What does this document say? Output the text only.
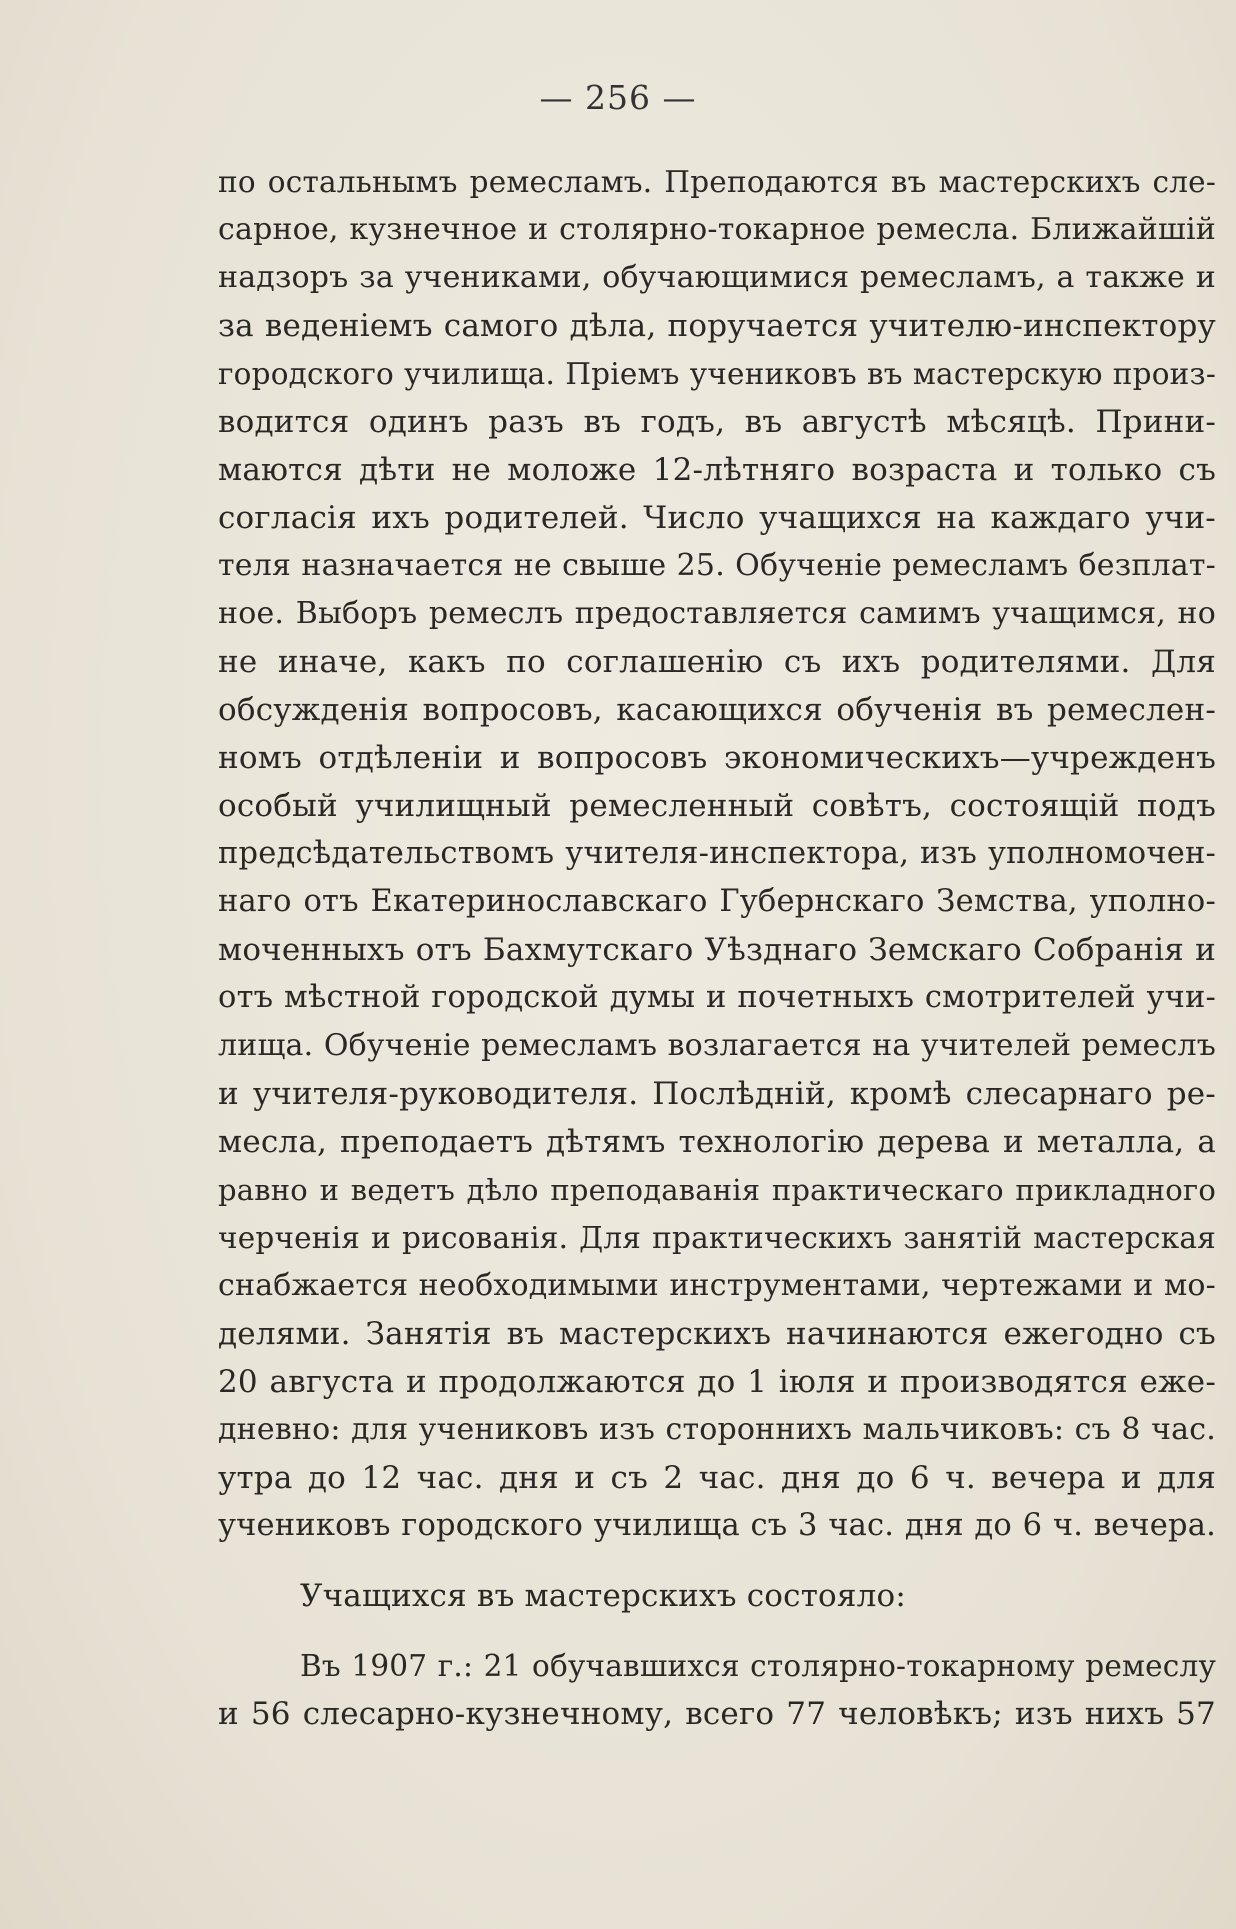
— 256 —
по остальнымъ ремесламъ. Преподаются въ мастерскихъ сле-
сарное, кузнечное и столярно-токарное ремесла. Ближайшій
надзоръ за учениками, обучающимися ремесламъ, а также и
за веденіемъ самого дѣла, поручается учителю-инспектору
городского училища. Пріемъ учениковъ въ мастерскую произ-
водится одинъ разъ въ годъ, въ августѣ мѣсяцѣ. Прини-
маются дѣти не моложе 12-лѣтняго возраста и только съ
согласія ихъ родителей. Число учащихся на каждаго учи-
теля назначается не свыше 25. Обученіе ремесламъ безплат-
ное. Выборъ ремеслъ предоставляется самимъ учащимся, но
не иначе, какъ по соглашенію съ ихъ родителями. Для
обсужденія вопросовъ, касающихся обученія въ ремеслен-
номъ отдѣленіи и вопросовъ экономическихъ—учрежденъ
особый училищный ремесленный совѣтъ, состоящій подъ
предсѣдательствомъ учителя-инспектора, изъ уполномочен-
наго отъ Екатеринославскаго Губернскаго Земства, уполно-
моченныхъ отъ Бахмутскаго Уѣзднаго Земскаго Собранія и
отъ мѣстной городской думы и почетныхъ смотрителей учи-
лища. Обученіе ремесламъ возлагается на учителей ремеслъ
и учителя-руководителя. Послѣдній, кромѣ слесарнаго ре-
месла, преподаетъ дѣтямъ технологію дерева и металла, а
равно и ведетъ дѣло преподаванія практическаго прикладного
черченія и рисованія. Для практическихъ занятій мастерская
снабжается необходимыми инструментами, чертежами и мо-
делями. Занятія въ мастерскихъ начинаются ежегодно съ
20 августа и продолжаются до 1 іюля и производятся еже-
дневно: для учениковъ изъ стороннихъ мальчиковъ: съ 8 час.
утра до 12 час. дня и съ 2 час. дня до 6 ч. вечера и для
учениковъ городского училища съ 3 час. дня до 6 ч. вечера.
Учащихся въ мастерскихъ состояло:
Въ 1907 г.: 21 обучавшихся столярно-токарному ремеслу
и 56 слесарно-кузнечному, всего 77 человѣкъ; изъ нихъ 57
